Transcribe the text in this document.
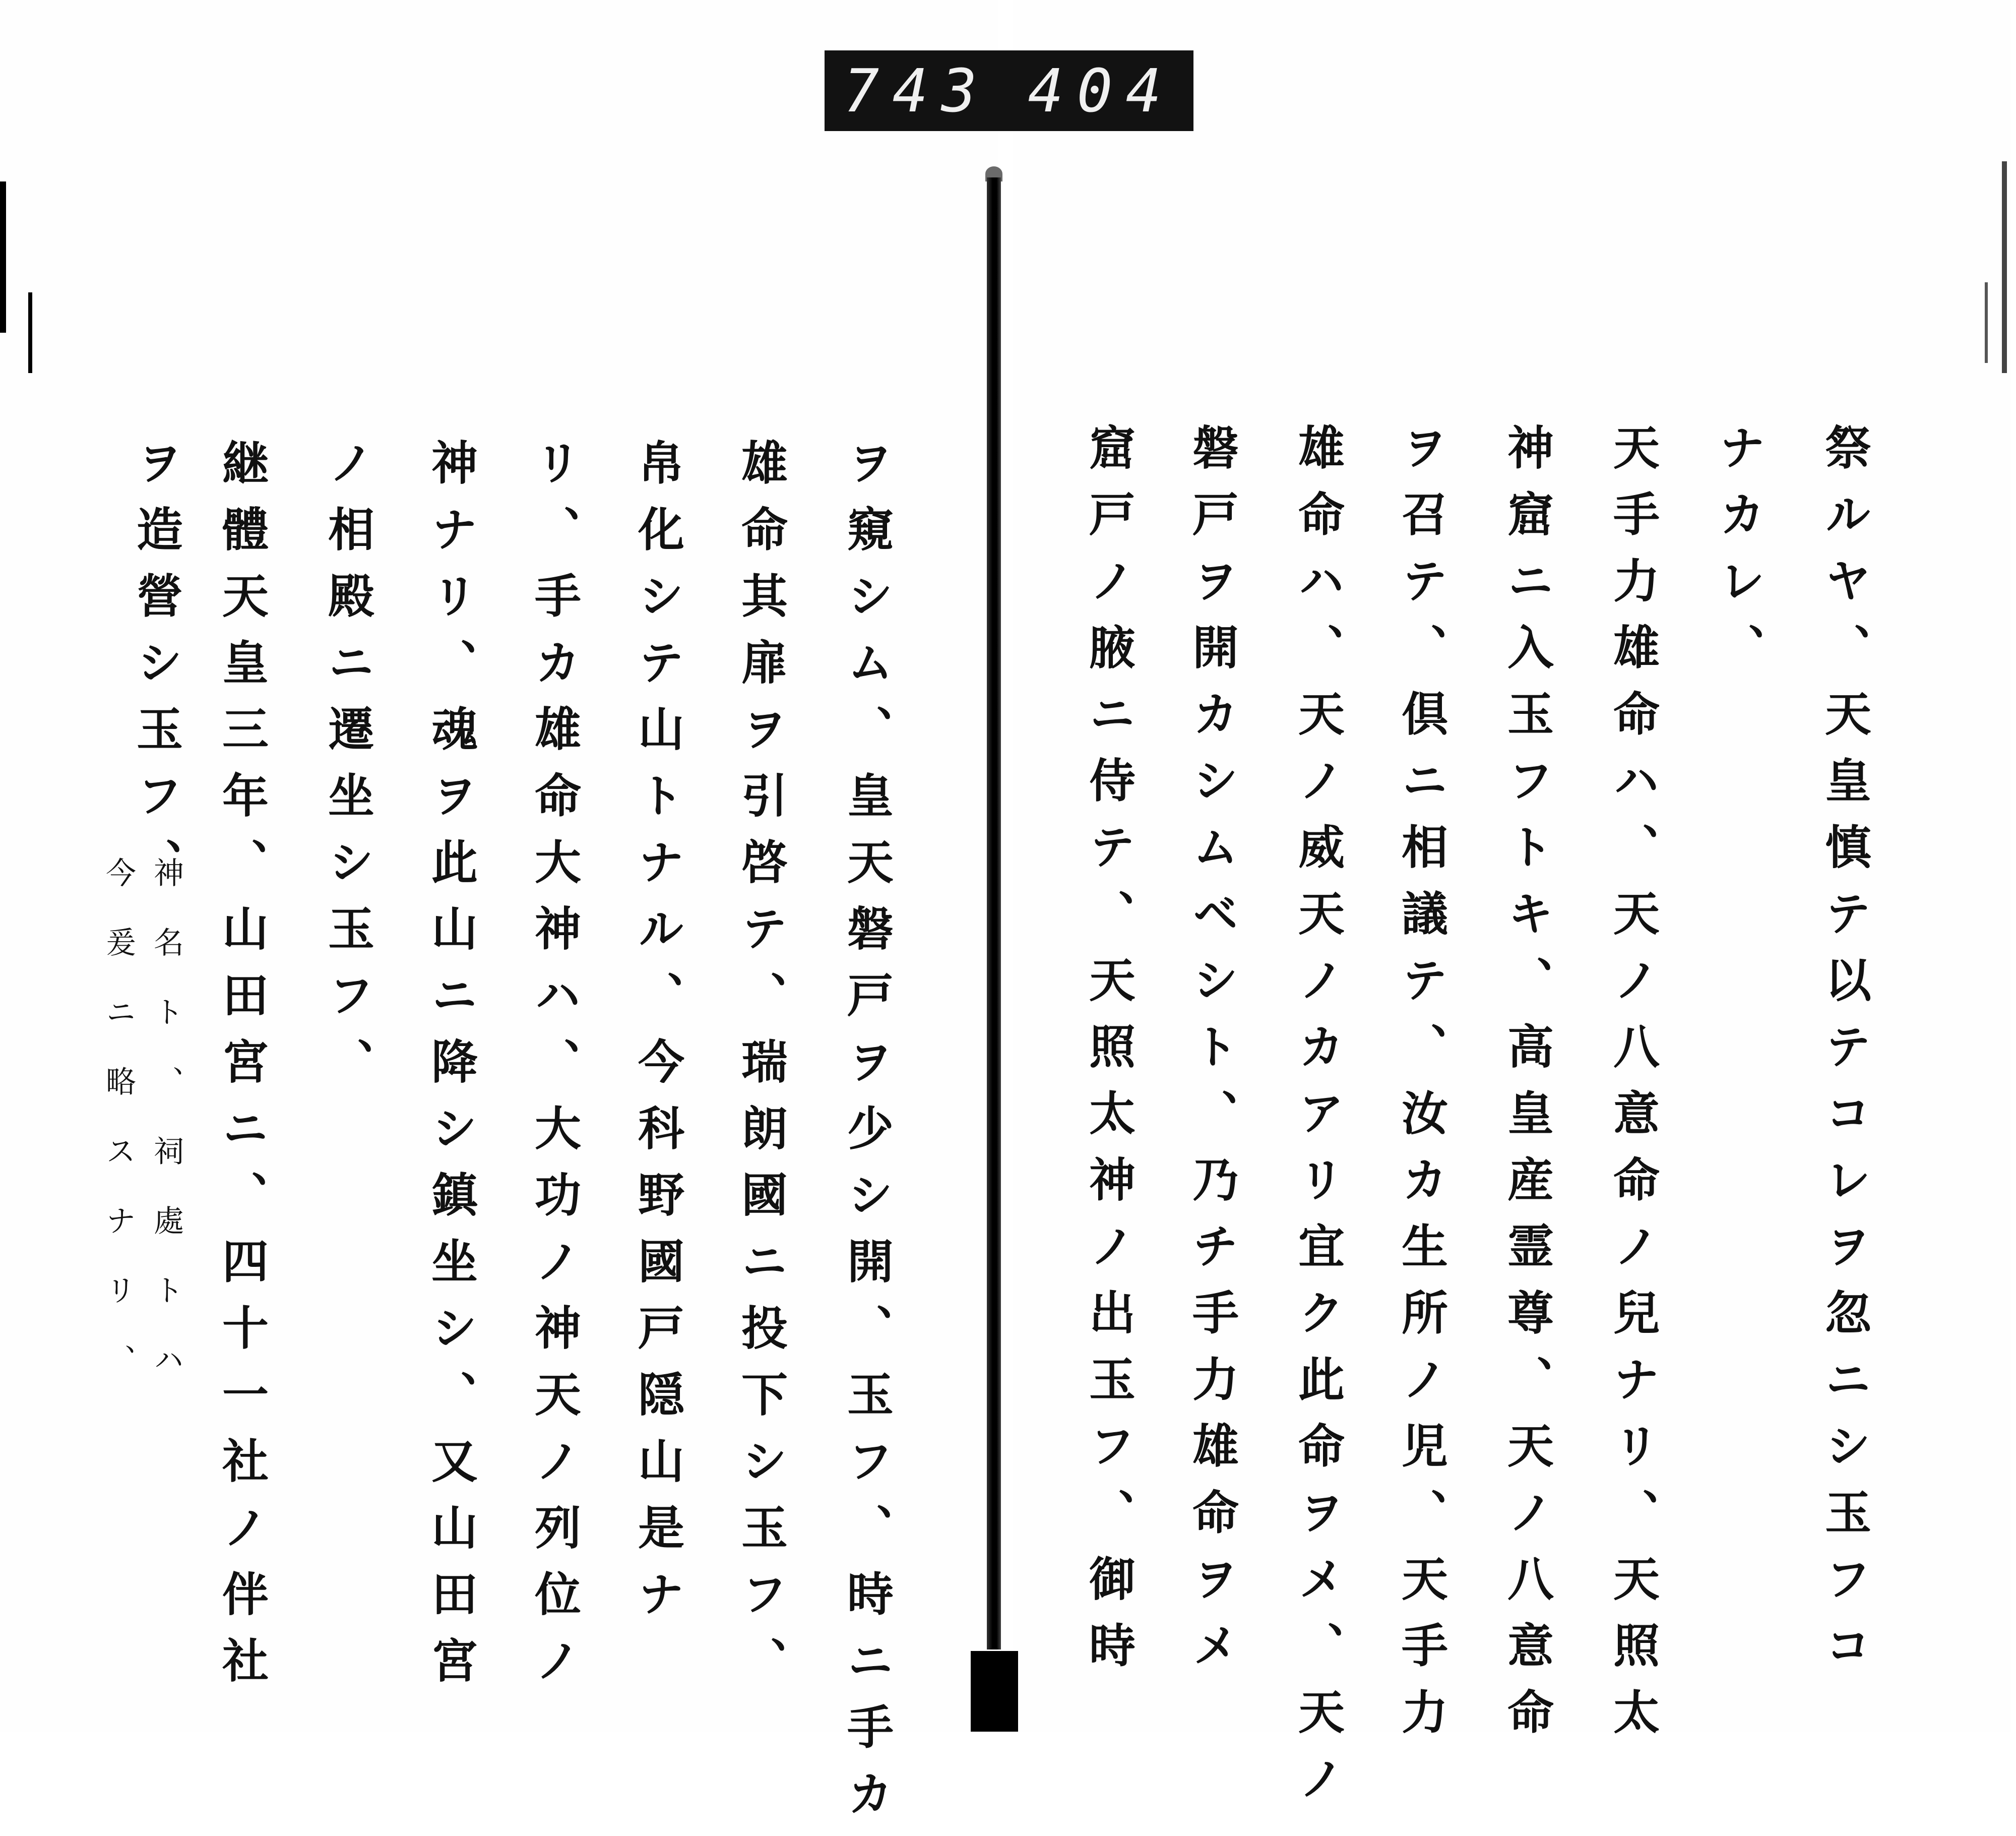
743 404
祭ルヤ、天皇慎テ以テコレヲ忽ニシ玉フコ
ナカレ、
天手力雄命ハ、天ノ八意命ノ兒ナリ、天照太
神窟ニ入玉フトキ、高皇産霊尊、天ノ八意命
ヲ召テ、倶ニ相議テ、汝カ生所ノ児、天手力
雄命ハ、天ノ威天ノカアリ宜ク此命ヲメ、天ノ
磐戸ヲ開カシムベシト、乃チ手力雄命ヲメ
窟戸ノ腋ニ侍テ、天照太神ノ出玉フ、御時
ヲ窺シム、皇天磐戸ヲ少シ開、玉フ、時ニ手カ
雄命其扉ヲ引啓テ、瑞朗國ニ投下シ玉フ、
帛化シテ山トナル、今科野國戸隠山是ナ
リ、手カ雄命大神ハ、大功ノ神天ノ列位ノ
神ナリ、魂ヲ此山ニ降シ鎮坐シ、又山田宮
ノ相殿ニ遷坐シ玉フ、
継體天皇三年、山田宮ニ、四十一社ノ伴社
ヲ造營シ玉フ、
神名ト、祠處トハ
今爰ニ略スナリ、
